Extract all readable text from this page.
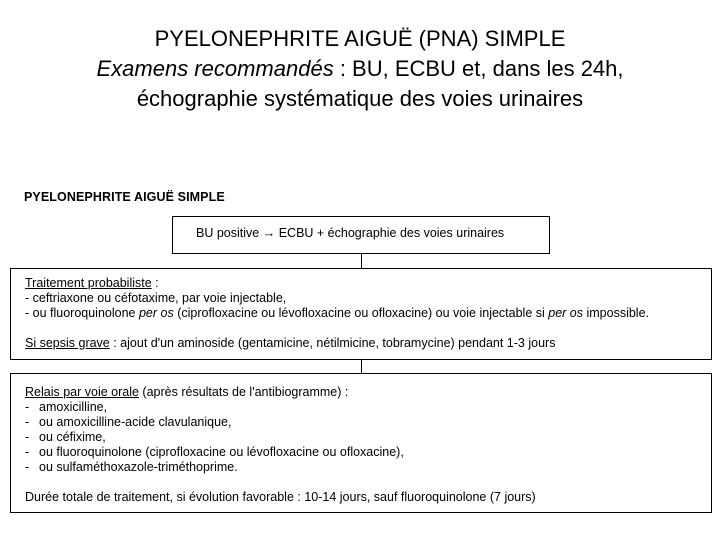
PYELONEPHRITE AIGUË (PNA) SIMPLE
Examens recommandés : BU, ECBU et, dans les 24h,
échographie systématique des voies urinaires
PYELONEPHRITE AIGUË SIMPLE
BU positive → ECBU + échographie des voies urinaires
Traitement probabiliste :
- ceftriaxone ou céfotaxime, par voie injectable,
- ou fluoroquinolone per os (ciprofloxacine ou lévofloxacine ou ofloxacine) ou voie injectable si per os impossible.
Si sepsis grave : ajout d'un aminoside (gentamicine, nétilmicine, tobramycine) pendant 1-3 jours
Relais par voie orale (après résultats de l'antibiogramme) :
- amoxicilline,
- ou amoxicilline-acide clavulanique,
- ou céfixime,
- ou fluoroquinolone (ciprofloxacine ou lévofloxacine ou ofloxacine),
- ou sulfaméthoxazole-triméthoprime.
Durée totale de traitement, si évolution favorable : 10-14 jours, sauf fluoroquinolone (7 jours)
